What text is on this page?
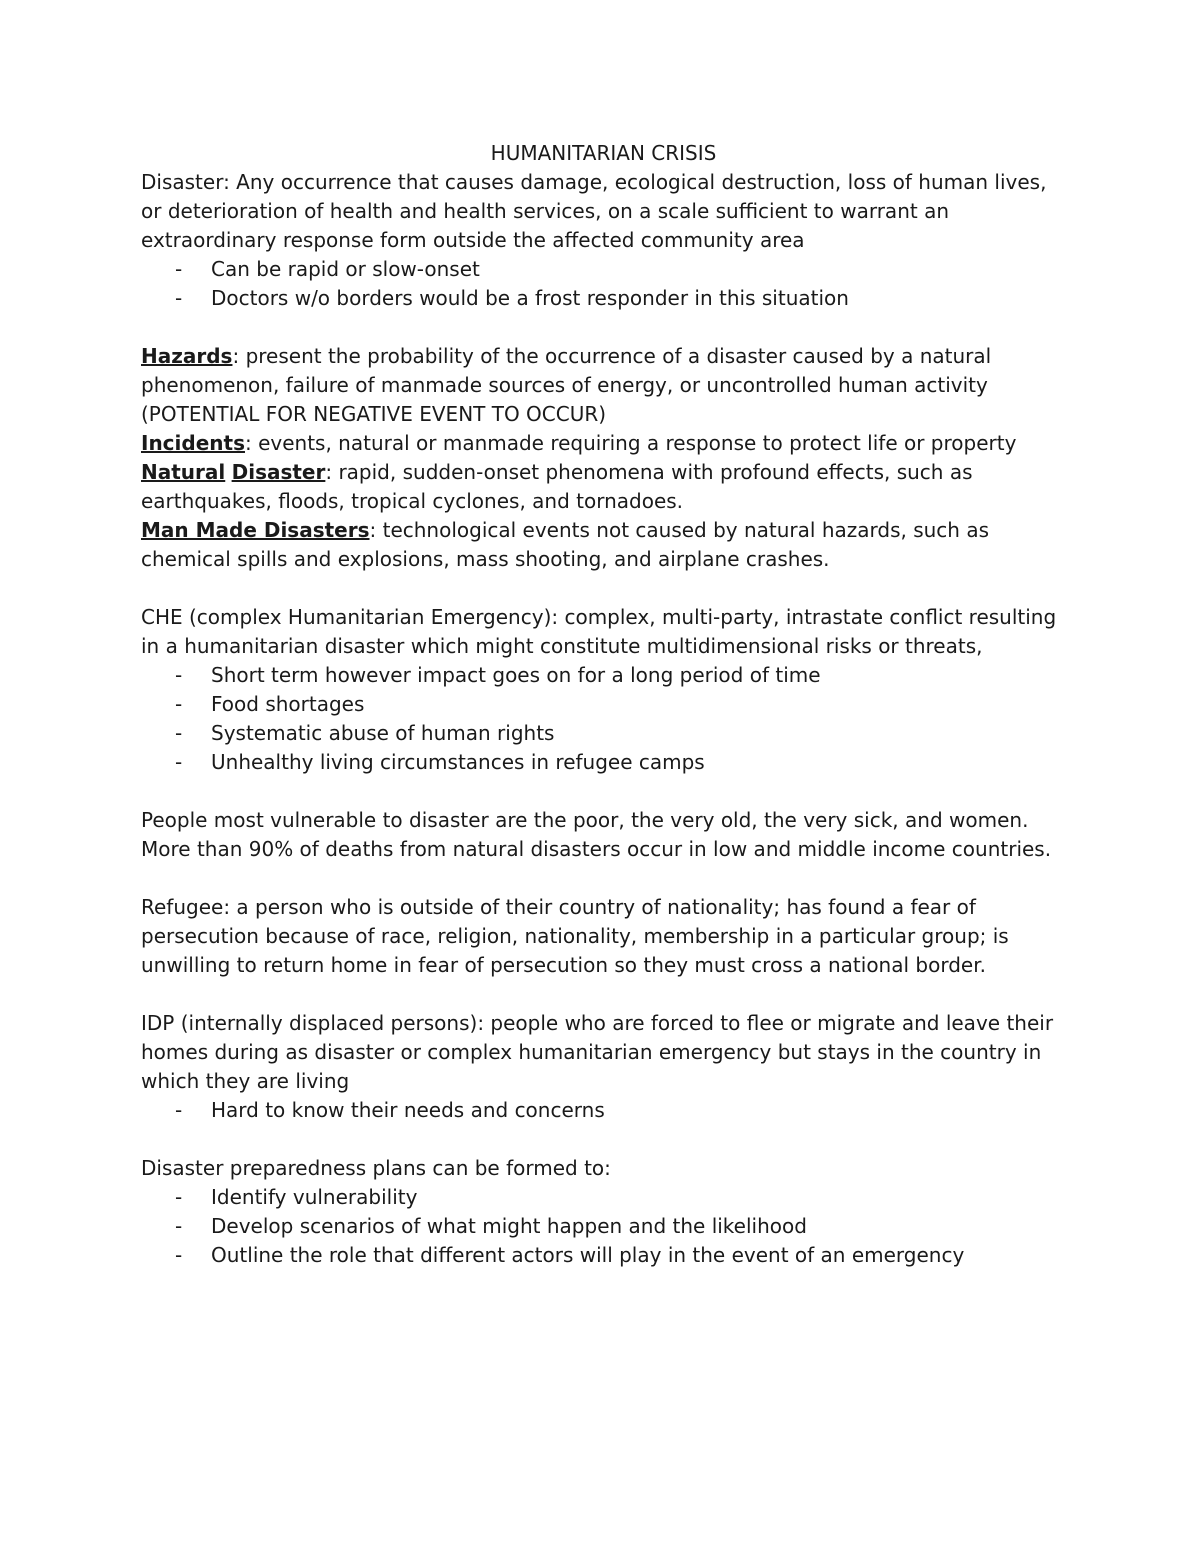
HUMANITARIAN CRISIS

Disaster: Any occurrence that causes damage, ecological destruction, loss of human lives, or deterioration of health and health services, on a scale sufficient to warrant an extraordinary response form outside the affected community area

- Can be rapid or slow-onset
- Doctors w/o borders would be a frost responder in this situation

Hazards: present the probability of the occurrence of a disaster caused by a natural phenomenon, failure of manmade sources of energy, or uncontrolled human activity (POTENTIAL FOR NEGATIVE EVENT TO OCCUR)

Incidents: events, natural or manmade requiring a response to protect life or property

Natural Disaster: rapid, sudden-onset phenomena with profound effects, such as earthquakes, floods, tropical cyclones, and tornadoes.

Man Made Disasters: technological events not caused by natural hazards, such as chemical spills and explosions, mass shooting, and airplane crashes.

CHE (complex Humanitarian Emergency): complex, multi-party, intrastate conflict resulting in a humanitarian disaster which might constitute multidimensional risks or threats,

- Short term however impact goes on for a long period of time
- Food shortages
- Systematic abuse of human rights
- Unhealthy living circumstances in refugee camps

People most vulnerable to disaster are the poor, the very old, the very sick, and women.

More than 90% of deaths from natural disasters occur in low and middle income countries.

Refugee: a person who is outside of their country of nationality; has found a fear of persecution because of race, religion, nationality, membership in a particular group; is unwilling to return home in fear of persecution so they must cross a national border.

IDP (internally displaced persons): people who are forced to flee or migrate and leave their homes during as disaster or complex humanitarian emergency but stays in the country in which they are living

- Hard to know their needs and concerns

Disaster preparedness plans can be formed to:

- Identify vulnerability
- Develop scenarios of what might happen and the likelihood
- Outline the role that different actors will play in the event of an emergency
